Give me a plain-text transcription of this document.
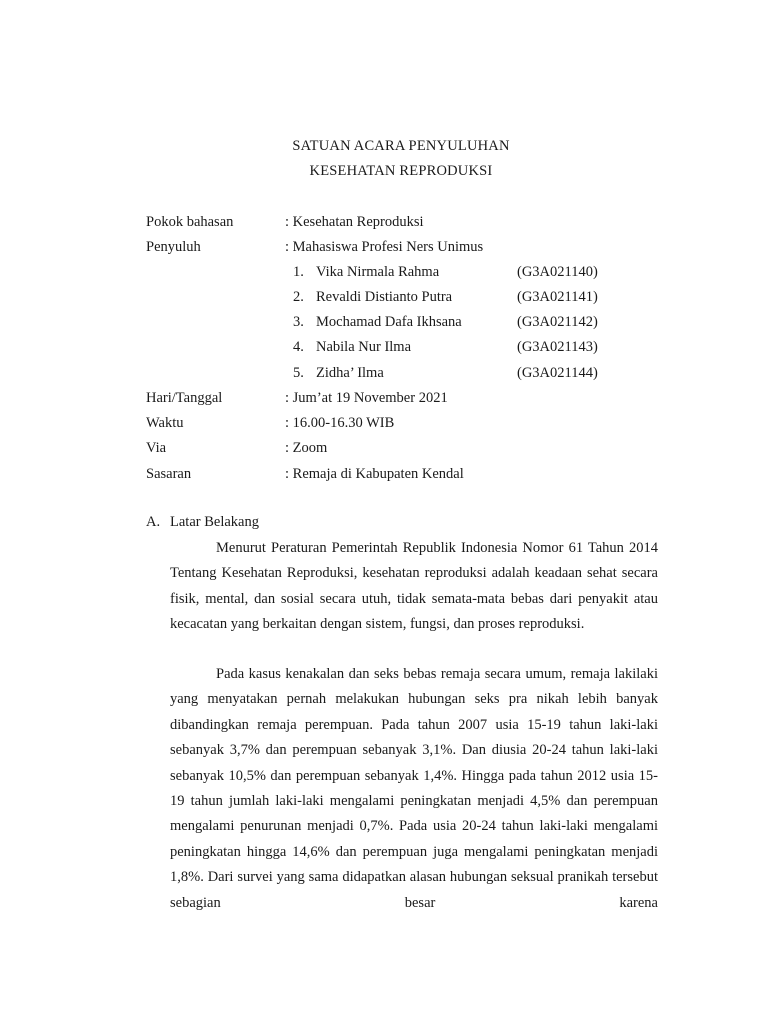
SATUAN ACARA PENYULUHAN
KESEHATAN REPRODUKSI
Pokok bahasan	: Kesehatan Reproduksi
Penyuluh	: Mahasiswa Profesi Ners Unimus
1. Vika Nirmala Rahma	(G3A021140)
2. Revaldi Distianto Putra	(G3A021141)
3. Mochamad Dafa Ikhsana	(G3A021142)
4. Nabila Nur Ilma	(G3A021143)
5. Zidha’ Ilma	(G3A021144)
Hari/Tanggal	: Jum’at 19 November 2021
Waktu	: 16.00-16.30 WIB
Via	: Zoom
Sasaran	: Remaja di Kabupaten Kendal
A. Latar Belakang

Menurut Peraturan Pemerintah Republik Indonesia Nomor 61 Tahun 2014 Tentang Kesehatan Reproduksi, kesehatan reproduksi adalah keadaan sehat secara fisik, mental, dan sosial secara utuh, tidak semata-mata bebas dari penyakit atau kecacatan yang berkaitan dengan sistem, fungsi, dan proses reproduksi.

Pada kasus kenakalan dan seks bebas remaja secara umum, remaja lakilaki yang menyatakan pernah melakukan hubungan seks pra nikah lebih banyak dibandingkan remaja perempuan. Pada tahun 2007 usia 15-19 tahun laki-laki sebanyak 3,7% dan perempuan sebanyak 3,1%. Dan diusia 20-24 tahun laki-laki sebanyak 10,5% dan perempuan sebanyak 1,4%. Hingga pada tahun 2012 usia 15-19 tahun jumlah laki-laki mengalami peningkatan menjadi 4,5% dan perempuan mengalami penurunan menjadi 0,7%. Pada usia 20-24 tahun laki-laki mengalami peningkatan hingga 14,6% dan perempuan juga mengalami peningkatan menjadi 1,8%. Dari survei yang sama didapatkan alasan hubungan seksual pranikah tersebut sebagian besar karena
